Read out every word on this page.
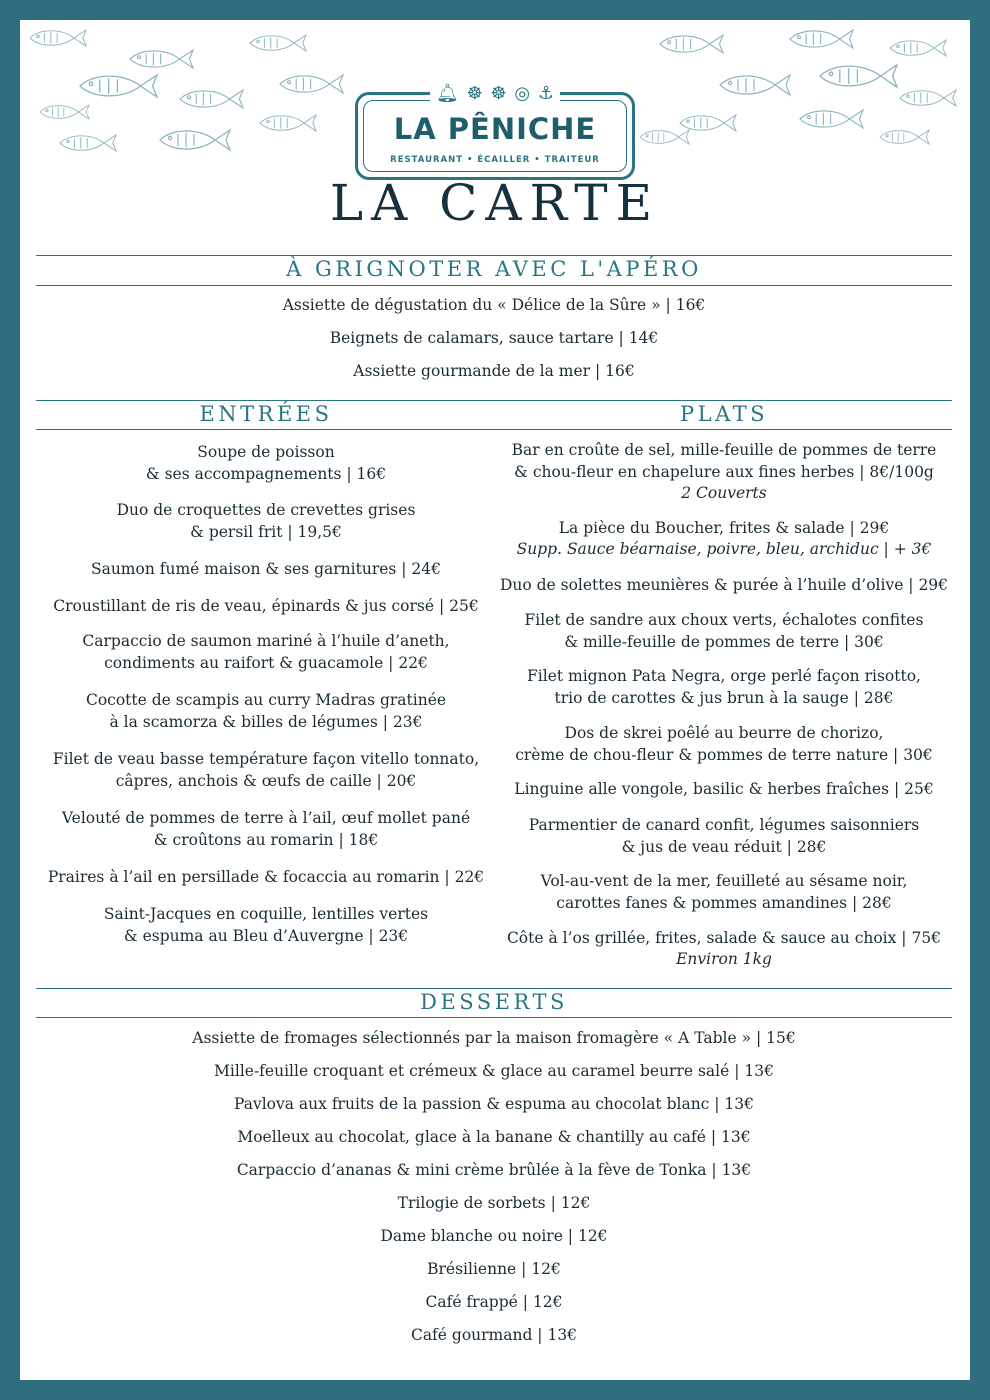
🔔︎ ☸ ☸ ◎ ⚓
LA PÊNICHE
RESTAURANT • ÉCAILLER • TRAITEUR
LA CARTE
À GRIGNOTER AVEC L'APÉRO
Assiette de dégustation du « Délice de la Sûre » | 16€
Beignets de calamars, sauce tartare | 14€
Assiette gourmande de la mer | 16€
ENTRÉES	PLATS
Soupe de poisson
& ses accompagnements | 16€
Duo de croquettes de crevettes grises
& persil frit | 19,5€
Saumon fumé maison & ses garnitures | 24€
Croustillant de ris de veau, épinards & jus corsé | 25€
Carpaccio de saumon mariné à l’huile d’aneth,
condiments au raifort & guacamole | 22€
Cocotte de scampis au curry Madras gratinée
à la scamorza & billes de légumes | 23€
Filet de veau basse température façon vitello tonnato,
câpres, anchois & œufs de caille | 20€
Velouté de pommes de terre à l’ail, œuf mollet pané
& croûtons au romarin | 18€
Praires à l’ail en persillade & focaccia au romarin | 22€
Saint-Jacques en coquille, lentilles vertes
& espuma au Bleu d’Auvergne | 23€
Bar en croûte de sel, mille-feuille de pommes de terre
& chou-fleur en chapelure aux fines herbes | 8€/100g
2 Couverts
La pièce du Boucher, frites & salade | 29€
Supp. Sauce béarnaise, poivre, bleu, archiduc | + 3€
Duo de solettes meunières & purée à l’huile d’olive | 29€
Filet de sandre aux choux verts, échalotes confites
& mille-feuille de pommes de terre | 30€
Filet mignon Pata Negra, orge perlé façon risotto,
trio de carottes & jus brun à la sauge | 28€
Dos de skrei poêlé au beurre de chorizo,
crème de chou-fleur & pommes de terre nature | 30€
Linguine alle vongole, basilic & herbes fraîches | 25€
Parmentier de canard confit, légumes saisonniers
& jus de veau réduit | 28€
Vol-au-vent de la mer, feuilleté au sésame noir,
carottes fanes & pommes amandines | 28€
Côte à l’os grillée, frites, salade & sauce au choix | 75€
Environ 1kg
DESSERTS
Assiette de fromages sélectionnés par la maison fromagère « A Table » | 15€
Mille-feuille croquant et crémeux & glace au caramel beurre salé | 13€
Pavlova aux fruits de la passion & espuma au chocolat blanc | 13€
Moelleux au chocolat, glace à la banane & chantilly au café | 13€
Carpaccio d’ananas & mini crème brûlée à la fève de Tonka | 13€
Trilogie de sorbets | 12€
Dame blanche ou noire | 12€
Brésilienne | 12€
Café frappé | 12€
Café gourmand | 13€
